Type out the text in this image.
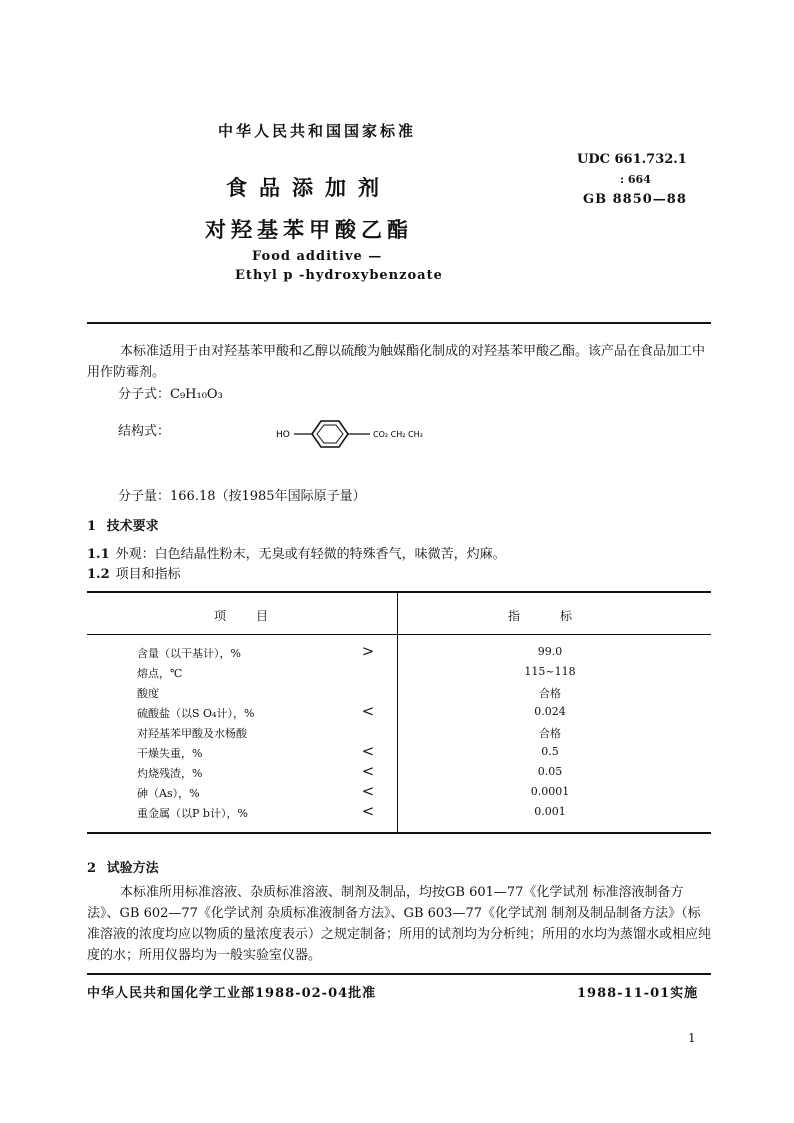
中华人民共和国国家标准
食品添加剂
对羟基苯甲酸乙酯
Food additive —
Ethyl p -hydroxybenzoate
UDC 661.732.1
: 664
GB 8850—88
本标准适用于由对羟基苯甲酸和乙醇以硫酸为触媒酯化制成的对羟基苯甲酸乙酯。该产品在食品加工中用作防霉剂。
分子式：C₉H₁₀O₃
结构式：	HO	CO₂ CH₂ CH₃
分子量：166.18（按1985年国际原子量）
1 技术要求
1.1 外观：白色结晶性粉末，无臭或有轻微的特殊香气，味微苦，灼麻。
1.2 项目和指标
项目	指标
含量（以干基计），%	>	99.0
熔点，℃	115~118
酸度	合格
硫酸盐（以S O₄计），%	<	0.024
对羟基苯甲酸及水杨酸	合格
干燥失重，%	<	0.5
灼烧残渣，%	<	0.05
砷（As），%	<	0.0001
重金属（以P b计），%	<	0.001
2 试验方法
本标准所用标准溶液、杂质标准溶液、制剂及制品，均按GB 601—77《化学试剂 标准溶液制备方法》、GB 602—77《化学试剂 杂质标准液制备方法》、GB 603—77《化学试剂 制剂及制品制备方法》（标准溶液的浓度均应以物质的量浓度表示）之规定制备；所用的试剂均为分析纯；所用的水均为蒸馏水或相应纯度的水；所用仪器均为一般实验室仪器。
中华人民共和国化学工业部1988-02-04批准	1988-11-01实施
1
